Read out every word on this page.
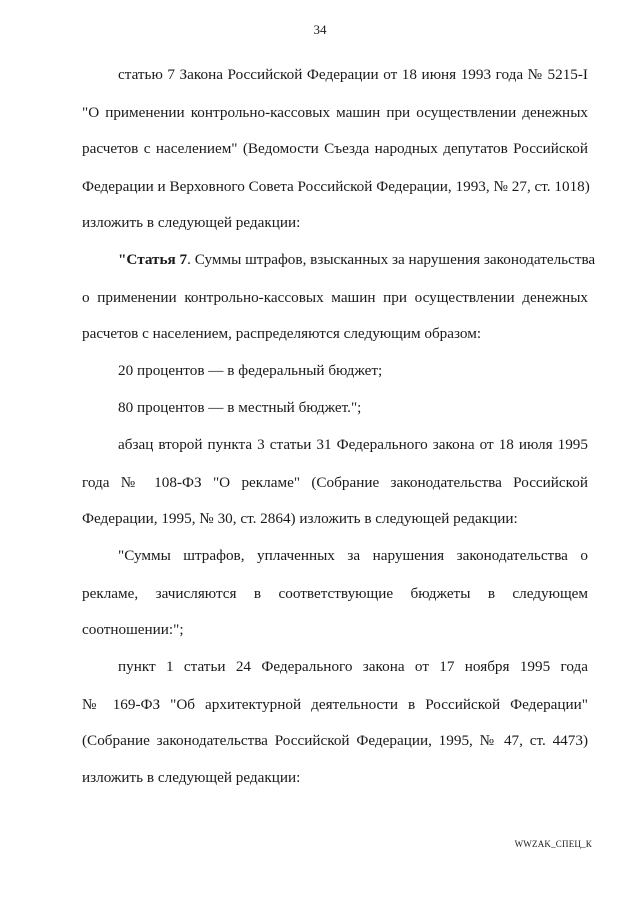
34
статью 7 Закона Российской Федерации от 18 июня 1993 года № 5215-I
"О применении контрольно-кассовых машин при осуществлении денежных
расчетов с населением" (Ведомости Съезда народных депутатов Российской
Федерации и Верховного Совета Российской Федерации, 1993, № 27, ст. 1018)
изложить в следующей редакции:
"Статья 7. Суммы штрафов, взысканных за нарушения законодательства
о применении контрольно-кассовых машин при осуществлении денежных
расчетов с населением, распределяются следующим образом:
20 процентов — в федеральный бюджет;
80 процентов — в местный бюджет.";
абзац второй пункта 3 статьи 31 Федерального закона от 18 июля 1995
года № 108-ФЗ "О рекламе" (Собрание законодательства Российской
Федерации, 1995, № 30, ст. 2864) изложить в следующей редакции:
"Суммы штрафов, уплаченных за нарушения законодательства о
рекламе, зачисляются в соответствующие бюджеты в следующем
соотношении:";
пункт 1 статьи 24 Федерального закона от 17 ноября 1995 года
№ 169-ФЗ "Об архитектурной деятельности в Российской Федерации"
(Собрание законодательства Российской Федерации, 1995, № 47, ст. 4473)
изложить в следующей редакции:
WWZAK_СПЕЦ_К
